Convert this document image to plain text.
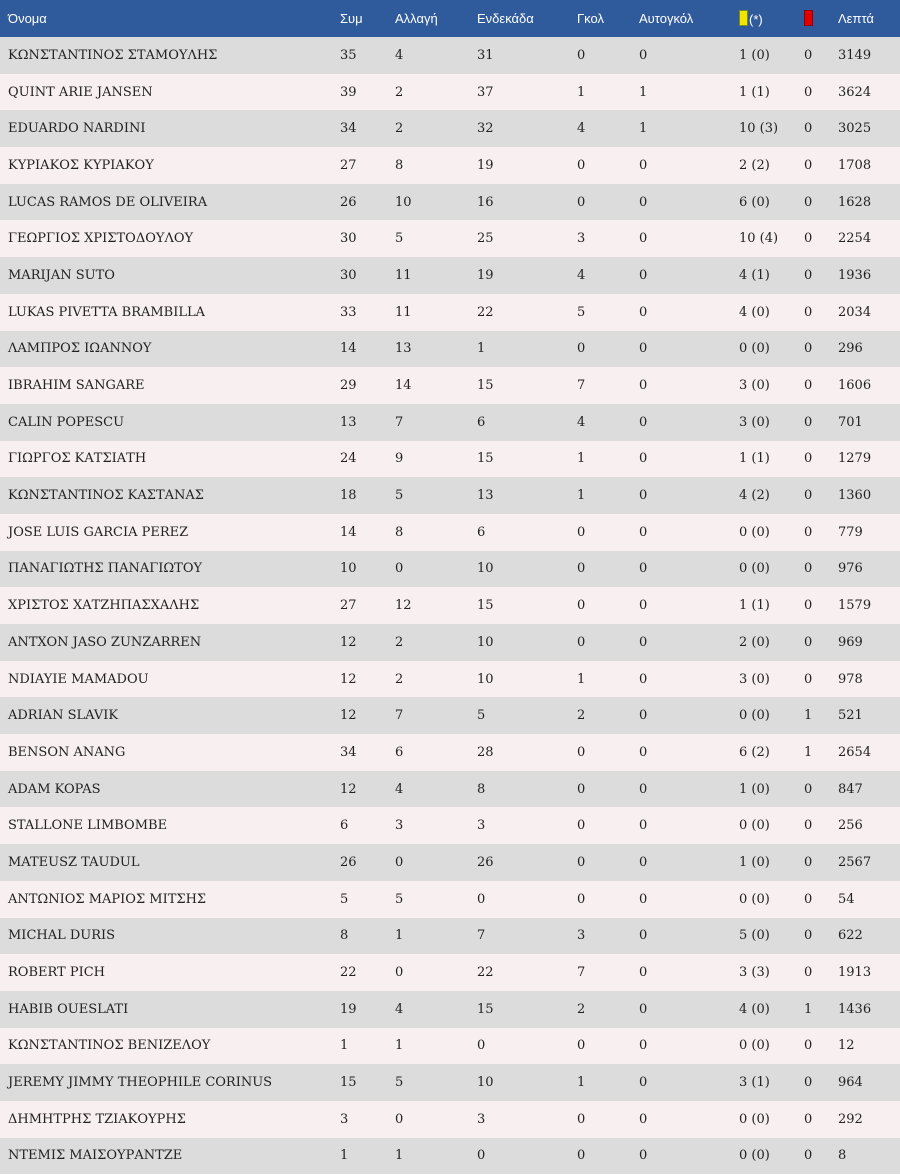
Όνομα	Συμ	Αλλαγή	Ενδεκάδα	Γκολ	Αυτογκόλ	(*)		Λεπτά
ΚΩΝΣΤΑΝΤΙΝΟΣ ΣΤΑΜΟΥΛΗΣ	35	4	31	0	0	1 (0)	0	3149
QUINT ARIE JANSEN	39	2	37	1	1	1 (1)	0	3624
EDUARDO NARDINI	34	2	32	4	1	10 (3)	0	3025
ΚΥΡΙΑΚΟΣ ΚΥΡΙΑΚΟΥ	27	8	19	0	0	2 (2)	0	1708
LUCAS RAMOS DE OLIVEIRA	26	10	16	0	0	6 (0)	0	1628
ΓΕΩΡΓΙΟΣ ΧΡΙΣΤΟΔΟΥΛΟΥ	30	5	25	3	0	10 (4)	0	2254
MARIJAN SUTO	30	11	19	4	0	4 (1)	0	1936
LUKAS PIVETTA BRAMBILLA	33	11	22	5	0	4 (0)	0	2034
ΛΑΜΠΡΟΣ ΙΩΑΝΝΟΥ	14	13	1	0	0	0 (0)	0	296
IBRAHIM SANGARE	29	14	15	7	0	3 (0)	0	1606
CALIN POPESCU	13	7	6	4	0	3 (0)	0	701
ΓΙΩΡΓΟΣ ΚΑΤΣΙΑΤΗ	24	9	15	1	0	1 (1)	0	1279
ΚΩΝΣΤΑΝΤΙΝΟΣ ΚΑΣΤΑΝΑΣ	18	5	13	1	0	4 (2)	0	1360
JOSE LUIS GARCIA PEREZ	14	8	6	0	0	0 (0)	0	779
ΠΑΝΑΓΙΩΤΗΣ ΠΑΝΑΓΙΩΤΟΥ	10	0	10	0	0	0 (0)	0	976
ΧΡΙΣΤΟΣ ΧΑΤΖΗΠΑΣΧΑΛΗΣ	27	12	15	0	0	1 (1)	0	1579
ANTXON JASO ZUNZARREN	12	2	10	0	0	2 (0)	0	969
NDIAYIE MAMADOU	12	2	10	1	0	3 (0)	0	978
ADRIAN SLAVIK	12	7	5	2	0	0 (0)	1	521
BENSON ANANG	34	6	28	0	0	6 (2)	1	2654
ADAM KOPAS	12	4	8	0	0	1 (0)	0	847
STALLONE LIMBOMBE	6	3	3	0	0	0 (0)	0	256
MATEUSZ TAUDUL	26	0	26	0	0	1 (0)	0	2567
ΑΝΤΩΝΙΟΣ ΜΑΡΙΟΣ ΜΙΤΣΗΣ	5	5	0	0	0	0 (0)	0	54
MICHAL DURIS	8	1	7	3	0	5 (0)	0	622
ROBERT PICH	22	0	22	7	0	3 (3)	0	1913
HABIB OUESLATI	19	4	15	2	0	4 (0)	1	1436
ΚΩΝΣΤΑΝΤΙΝΟΣ ΒΕΝΙΖΕΛΟΥ	1	1	0	0	0	0 (0)	0	12
JEREMY JIMMY THEOPHILE CORINUS	15	5	10	1	0	3 (1)	0	964
ΔΗΜΗΤΡΗΣ ΤΖΙΑΚΟΥΡΗΣ	3	0	3	0	0	0 (0)	0	292
ΝΤΕΜΙΣ ΜΑΙΣΟΥΡΑΝΤΖΕ	1	1	0	0	0	0 (0)	0	8
